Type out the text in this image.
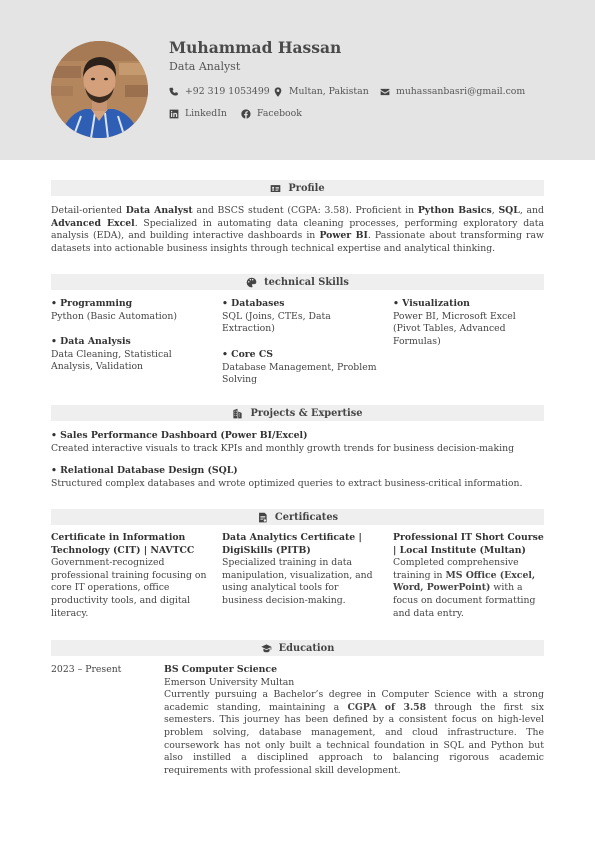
Muhammad Hassan
Data Analyst
+92 319 1053499 Multan, Pakistan	muhassanbasri@gmail.com
LinkedIn	Facebook
Profile
Detail-oriented Data Analyst and BSCS student (CGPA: 3.58). Proficient in Python Basics, SQL, and Advanced Excel. Specialized in automating data cleaning processes, performing exploratory data analysis (EDA), and building interactive dashboards in Power BI. Passionate about transforming raw datasets into actionable business insights through technical expertise and analytical thinking.
technical Skills
• Programming
Python (Basic Automation)
• Data Analysis
Data Cleaning, Statistical Analysis, Validation
• Databases
SQL (Joins, CTEs, Data Extraction)
• Core CS
Database Management, Problem Solving
• Visualization
Power BI, Microsoft Excel (Pivot Tables, Advanced Formulas)
Projects & Expertise
• Sales Performance Dashboard (Power BI/Excel)
Created interactive visuals to track KPIs and monthly growth trends for business decision-making
• Relational Database Design (SQL)
Structured complex databases and wrote optimized queries to extract business-critical information.
Certificates
Certificate in Information Technology (CIT) | NAVTCC
Government-recognized professional training focusing on core IT operations, office productivity tools, and digital literacy.
Data Analytics Certificate | DigiSkills (PITB)
Specialized training in data manipulation, visualization, and using analytical tools for business decision-making.
Professional IT Short Course | Local Institute (Multan)
Completed comprehensive training in MS Office (Excel, Word, PowerPoint) with a focus on document formatting and data entry.
Education
2023 – Present	BS Computer Science
Emerson University Multan
Currently pursuing a Bachelor’s degree in Computer Science with a strong academic standing, maintaining a CGPA of 3.58 through the first six semesters. This journey has been defined by a consistent focus on high-level problem solving, database management, and cloud infrastructure. The coursework has not only built a technical foundation in SQL and Python but also instilled a disciplined approach to balancing rigorous academic requirements with professional skill development.
